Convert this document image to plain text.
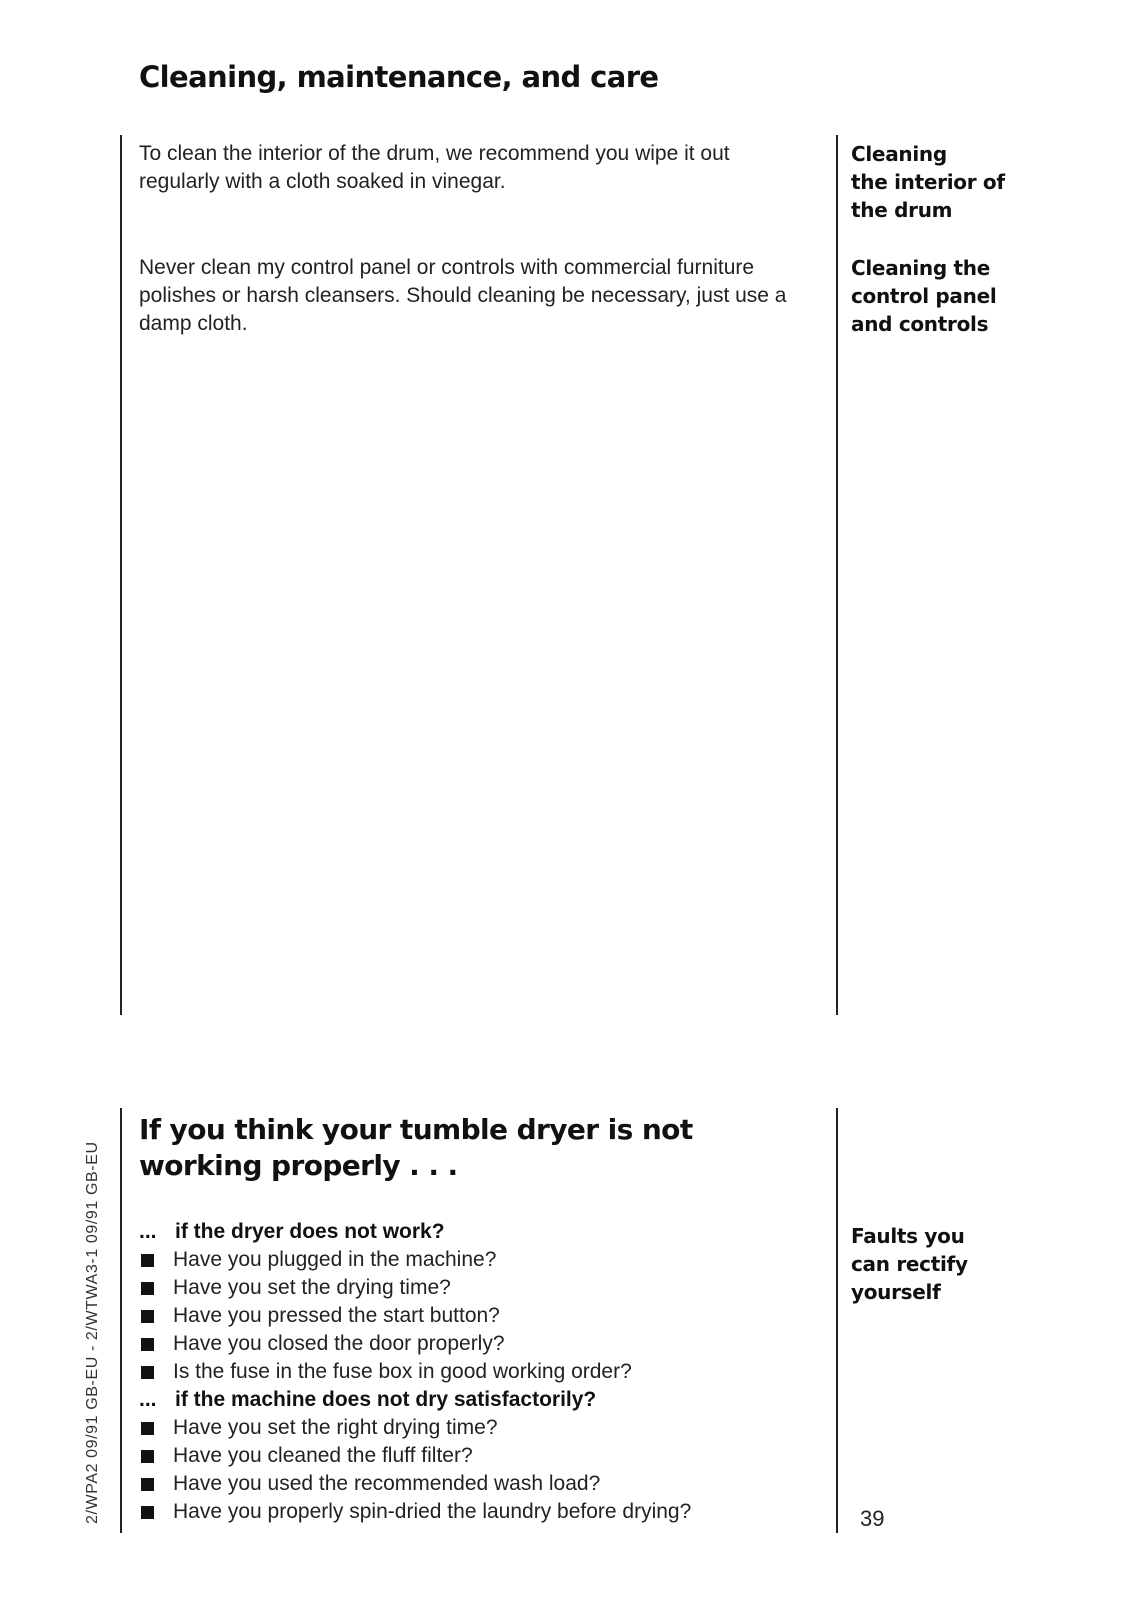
Cleaning, maintenance, and care

To clean the interior of the drum, we recommend you wipe it out regularly with a cloth soaked in vinegar.

Cleaning
the interior of
the drum

Never clean my control panel or controls with commercial furniture polishes or harsh cleansers. Should cleaning be necessary, just use a damp cloth.

Cleaning the
control panel
and controls

If you think your tumble dryer is not
working properly . . .

Faults you
can rectify
yourself

... if the dryer does not work?
Have you plugged in the machine?
Have you set the drying time?
Have you pressed the start button?
Have you closed the door properly?
Is the fuse in the fuse box in good working order?
... if the machine does not dry satisfactorily?
Have you set the right drying time?
Have you cleaned the fluff filter?
Have you used the recommended wash load?
Have you properly spin-dried the laundry before drying?
2/WPA2 09/91 GB-EU - 2/WTWA3-1 09/91 GB-EU	39
